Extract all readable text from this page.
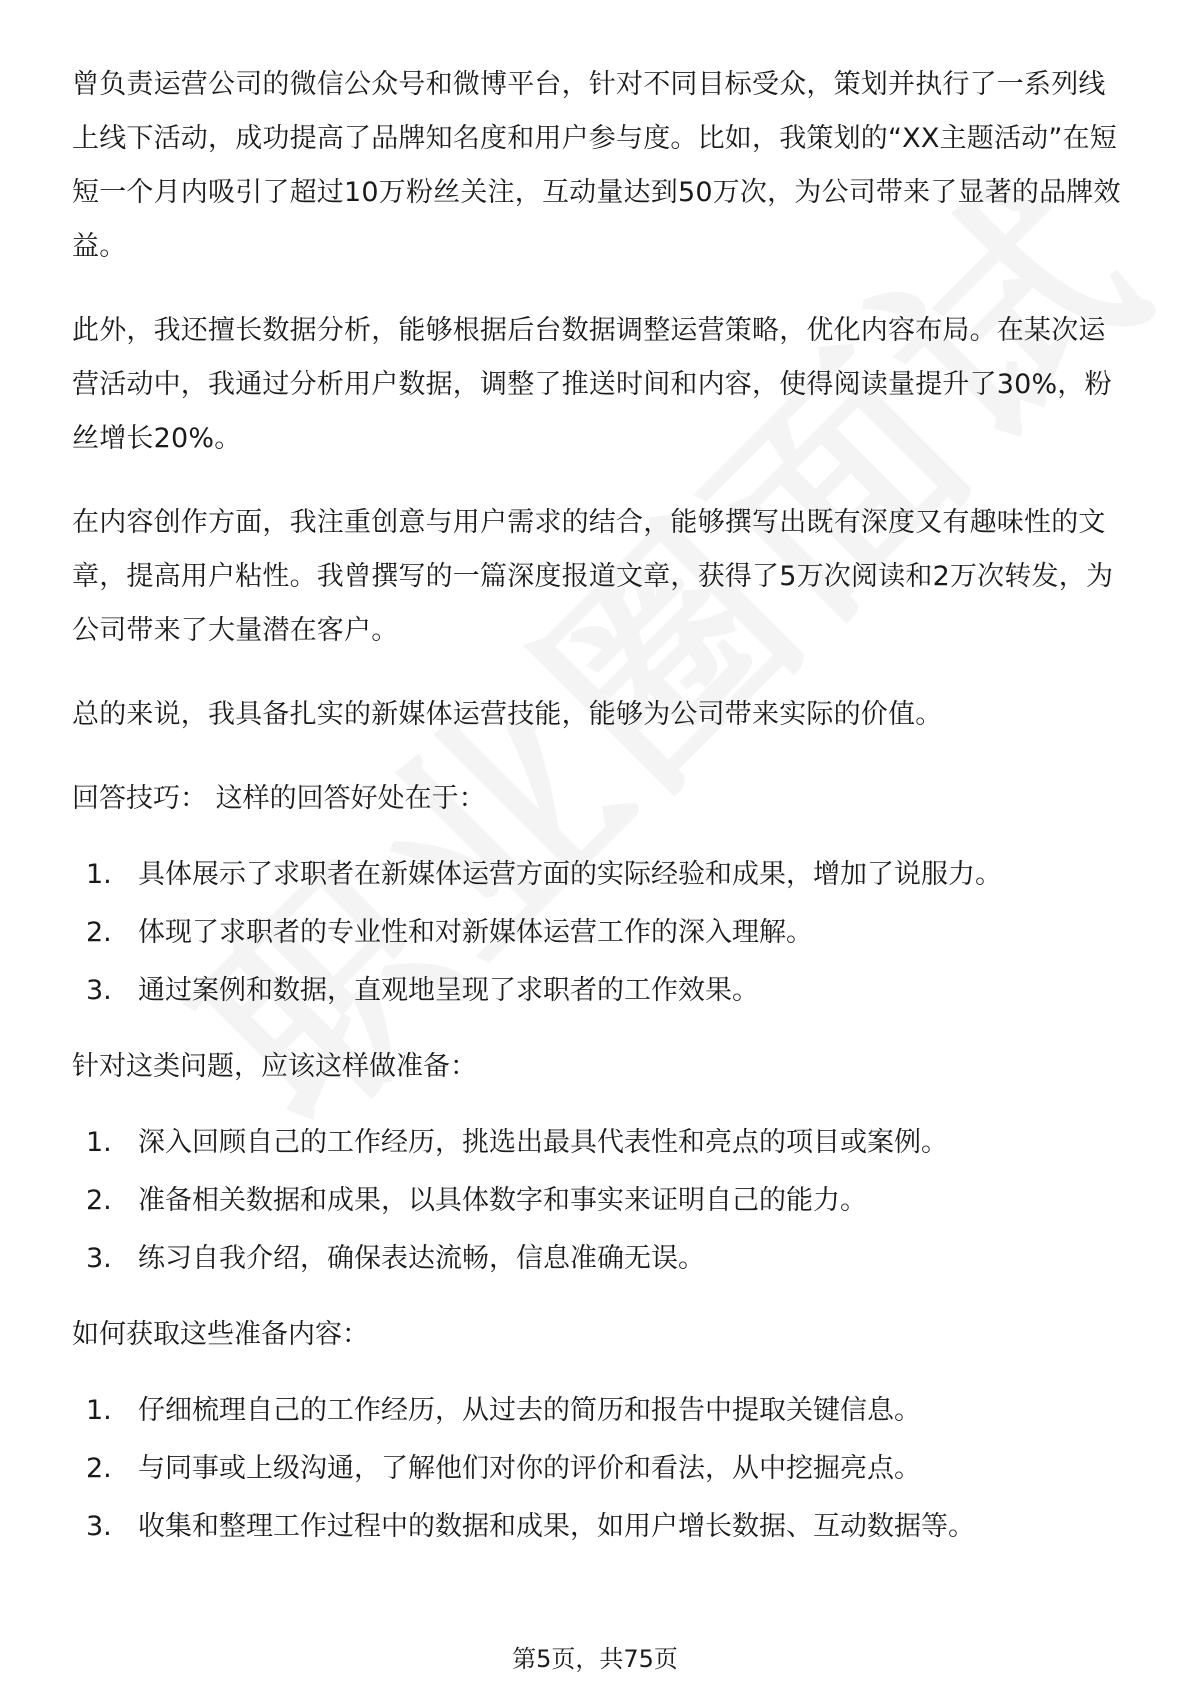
曾负责运营公司的微信公众号和微博平台，针对不同目标受众，策划并执行了一系列线上线下活动，成功提高了品牌知名度和用户参与度。比如，我策划的“XX主题活动”在短短一个月内吸引了超过10万粉丝关注，互动量达到50万次，为公司带来了显著的品牌效益。

此外，我还擅长数据分析，能够根据后台数据调整运营策略，优化内容布局。在某次运营活动中，我通过分析用户数据，调整了推送时间和内容，使得阅读量提升了30%，粉丝增长20%。

在内容创作方面，我注重创意与用户需求的结合，能够撰写出既有深度又有趣味性的文章，提高用户粘性。我曾撰写的一篇深度报道文章，获得了5万次阅读和2万次转发，为公司带来了大量潜在客户。

总的来说，我具备扎实的新媒体运营技能，能够为公司带来实际的价值。

回答技巧： 这样的回答好处在于：

1. 具体展示了求职者在新媒体运营方面的实际经验和成果，增加了说服力。
2. 体现了求职者的专业性和对新媒体运营工作的深入理解。
3. 通过案例和数据，直观地呈现了求职者的工作效果。

针对这类问题，应该这样做准备：

1. 深入回顾自己的工作经历，挑选出最具代表性和亮点的项目或案例。
2. 准备相关数据和成果，以具体数字和事实来证明自己的能力。
3. 练习自我介绍，确保表达流畅，信息准确无误。

如何获取这些准备内容：

1. 仔细梳理自己的工作经历，从过去的简历和报告中提取关键信息。
2. 与同事或上级沟通，了解他们对你的评价和看法，从中挖掘亮点。
3. 收集和整理工作过程中的数据和成果，如用户增长数据、互动数据等。
第5页，共75页
